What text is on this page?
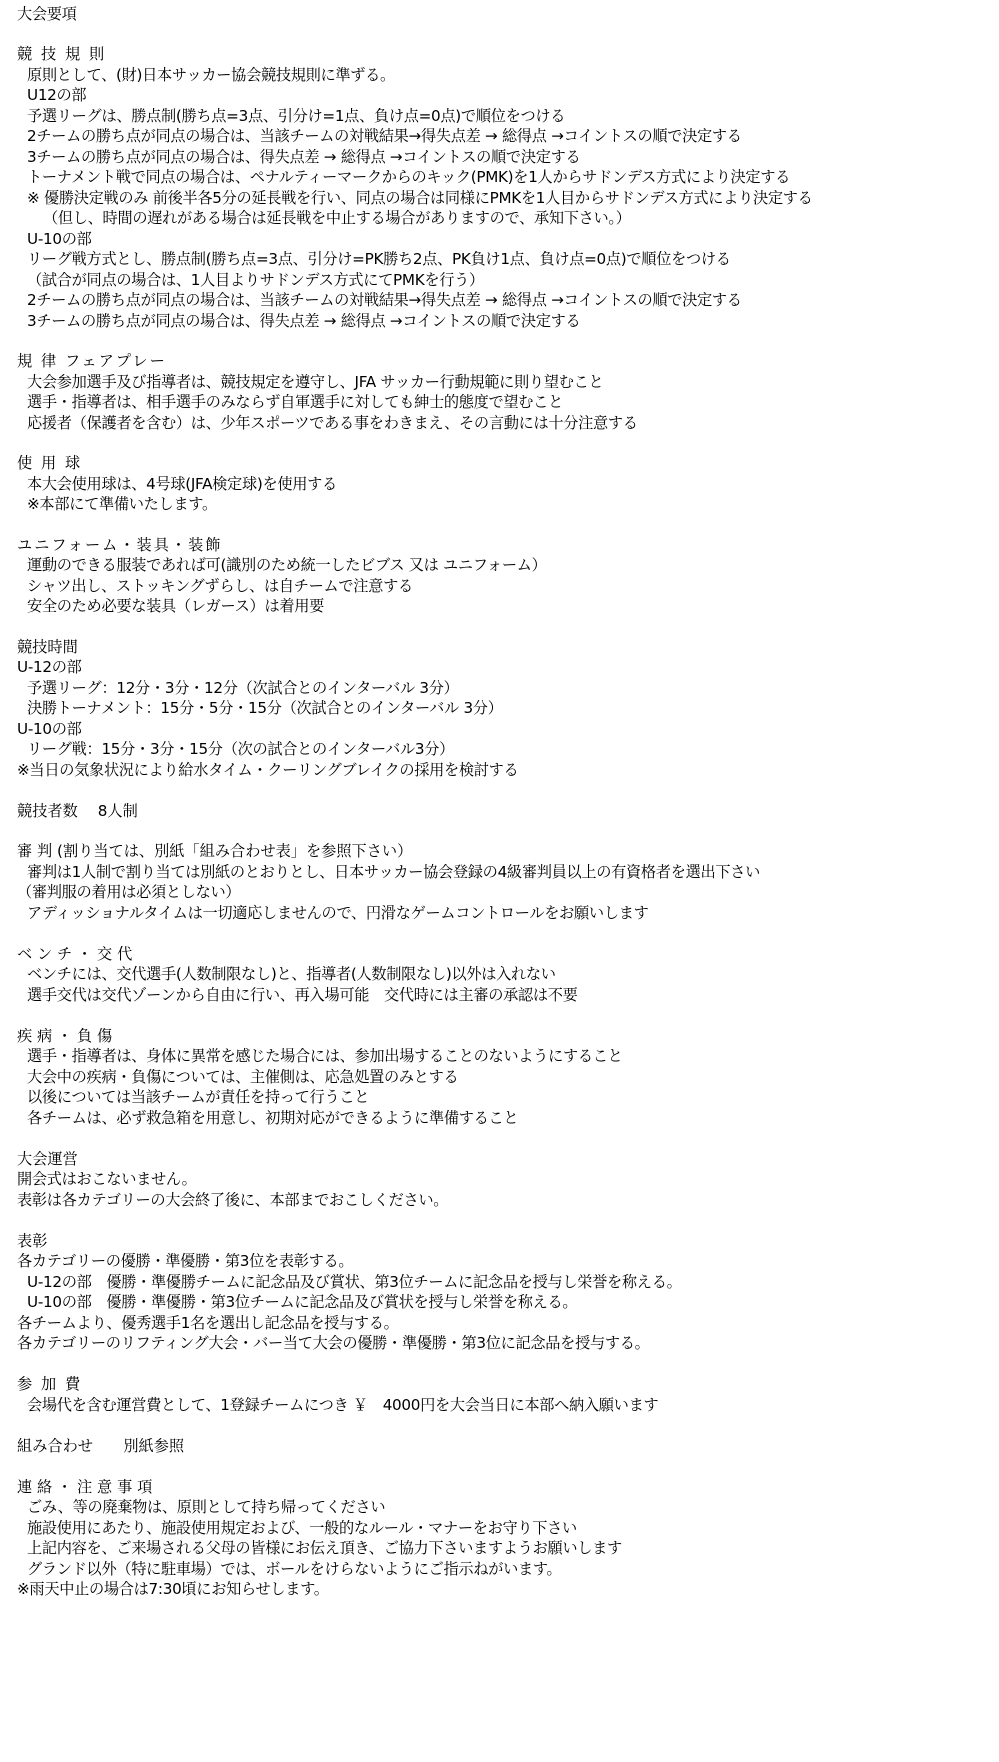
大会要項
競 技 規 則
原則として、(財)日本サッカー協会競技規則に準ずる。
U12の部
予選リーグは、勝点制(勝ち点=3点、引分け=1点、負け点=0点)で順位をつける
2チームの勝ち点が同点の場合は、当該チームの対戦結果→得失点差 → 総得点 →コイントスの順で決定する
3チームの勝ち点が同点の場合は、得失点差 → 総得点 →コイントスの順で決定する
トーナメント戦で同点の場合は、ペナルティーマークからのキック(PMK)を1人からサドンデス方式により決定する
※ 優勝決定戦のみ 前後半各5分の延長戦を行い、同点の場合は同様にPMKを1人目からサドンデス方式により決定する
（但し、時間の遅れがある場合は延長戦を中止する場合がありますので、承知下さい。）
U-10の部
リーグ戦方式とし、勝点制(勝ち点=3点、引分け=PK勝ち2点、PK負け1点、負け点=0点)で順位をつける
（試合が同点の場合は、1人目よりサドンデス方式にてPMKを行う）
2チームの勝ち点が同点の場合は、当該チームの対戦結果→得失点差 → 総得点 →コイントスの順で決定する
3チームの勝ち点が同点の場合は、得失点差 → 総得点 →コイントスの順で決定する
規 律 フェアプレー
大会参加選手及び指導者は、競技規定を遵守し、JFA サッカー行動規範に則り望むこと
選手・指導者は、相手選手のみならず自軍選手に対しても紳士的態度で望むこと
応援者（保護者を含む）は、少年スポーツである事をわきまえ、その言動には十分注意する
使 用 球
本大会使用球は、4号球(JFA検定球)を使用する
※本部にて準備いたします。
ユニフォーム・装具・装飾
運動のできる服装であれば可(識別のため統一したビブス 又は ユニフォーム）
シャツ出し、ストッキングずらし、は自チームで注意する
安全のため必要な装具（レガース）は着用要
競技時間
U-12の部
予選リーグ：12分・3分・12分（次試合とのインターバル 3分）
決勝トーナメント：15分・5分・15分（次試合とのインターバル 3分）
U-10の部
リーグ戦：15分・3分・15分（次の試合とのインターバル3分）
※当日の気象状況により給水タイム・クーリングブレイクの採用を検討する
競技者数　 8人制
審 判 (割り当ては、別紙「組み合わせ表」を参照下さい）
審判は1人制で割り当ては別紙のとおりとし、日本サッカー協会登録の4級審判員以上の有資格者を選出下さい
（審判服の着用は必須としない）
アディッショナルタイムは一切適応しませんので、円滑なゲームコントロールをお願いします
ベ ン チ ・ 交 代
ベンチには、交代選手(人数制限なし)と、指導者(人数制限なし)以外は入れない
選手交代は交代ゾーンから自由に行い、再入場可能　交代時には主審の承認は不要
疾 病 ・ 負 傷
選手・指導者は、身体に異常を感じた場合には、参加出場することのないようにすること
大会中の疾病・負傷については、主催側は、応急処置のみとする
以後については当該チームが責任を持って行うこと
各チームは、必ず救急箱を用意し、初期対応ができるように準備すること
大会運営
開会式はおこないません。
表彰は各カテゴリーの大会終了後に、本部までおこしください。
表彰
各カテゴリーの優勝・準優勝・第3位を表彰する。
U-12の部　優勝・準優勝チームに記念品及び賞状、第3位チームに記念品を授与し栄誉を称える。
U-10の部　優勝・準優勝・第3位チームに記念品及び賞状を授与し栄誉を称える。
各チームより、優秀選手1名を選出し記念品を授与する。
各カテゴリーのリフティング大会・バー当て大会の優勝・準優勝・第3位に記念品を授与する。
参 加 費
会場代を含む運営費として、1登録チームにつき ￥　4000円を大会当日に本部へ納入願います
組み合わせ　　別紙参照
連 絡 ・ 注 意 事 項
ごみ、等の廃棄物は、原則として持ち帰ってください
施設使用にあたり、施設使用規定および、一般的なルール・マナーをお守り下さい
上記内容を、ご来場される父母の皆様にお伝え頂き、ご協力下さいますようお願いします
グランド以外（特に駐車場）では、ボールをけらないようにご指示ねがいます。
※雨天中止の場合は7:30頃にお知らせします。
